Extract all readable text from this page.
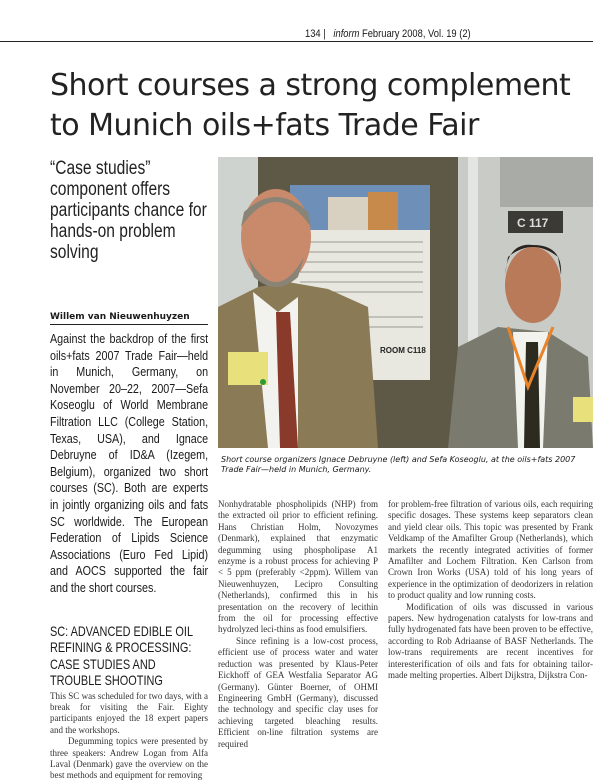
134 | inform February 2008, Vol. 19 (2)
Short courses a strong complement
to Munich oils+fats Trade Fair
“Case studies” component offers participants chance for hands-on problem solving
Willem van Nieuwenhuyzen

Against the backdrop of the first oils+fats 2007 Trade Fair—held in Munich, Germany, on November 20–22, 2007—Sefa Koseoglu of World Membrane Filtration LLC (College Station, Texas, USA), and Ignace Debruyne of ID&A (Izegem, Belgium), organized two short courses (SC). Both are experts in jointly organizing oils and fats SC worldwide. The European Federation of Lipids Science Associations (Euro Fed Lipid) and AOCS supported the fair and the short courses.

SC: ADVANCED EDIBLE OIL
REFINING & PROCESSING:
CASE STUDIES AND
TROUBLE SHOOTING

This SC was scheduled for two days, with a break for visiting the Fair. Eighty participants enjoyed the 18 expert papers and the workshops.

Degumming topics were presented by three speakers: Andrew Logan from Alfa Laval (Denmark) gave the overview on the best methods and equipment for removing

C 117
ROOM C118
Short course organizers Ignace Debruyne (left) and Sefa Koseoglu, at the oils+fats 2007 Trade Fair—held in Munich, Germany.

Nonhydratable phospholipids (NHP) from the extracted oil prior to efficient refining. Hans Christian Holm, Novozymes (Denmark), explained that enzymatic degumming using phospholipase A1 enzyme is a robust process for achieving P < 5 ppm (preferably <2ppm). Willem van Nieuwenhuyzen, Lecipro Consulting (Netherlands), confirmed this in his presentation on the recovery of lecithin from the oil for processing effective hydrolyzed leci-thins as food emulsifiers.

Since refining is a low-cost process, efficient use of process water and water reduction was presented by Klaus-Peter Eickhoff of GEA Westfalia Separator AG (Germany). Günter Boerner, of OHMI Engineering GmbH (Germany), discussed the technology and specific clay uses for achieving targeted bleaching results. Efficient on-line filtration systems are required

for problem-free filtration of various oils, each requiring specific dosages. These systems keep separators clean and yield clear oils. This topic was presented by Frank Veldkamp of the Amafilter Group (Netherlands), which markets the recently integrated activities of former Amafilter and Lochem Filtration. Ken Carlson from Crown Iron Works (USA) told of his long years of experience in the optimization of deodorizers in relation to product quality and low running costs.

Modification of oils was discussed in various papers. New hydrogenation catalysts for low-trans and fully hydrogenated fats have been proven to be effective, according to Rob Adriaanse of BASF Netherlands. The low-trans requirements are recent incentives for interesterification of oils and fats for obtaining tailor-made melting properties. Albert Dijkstra, Dijkstra Con-
